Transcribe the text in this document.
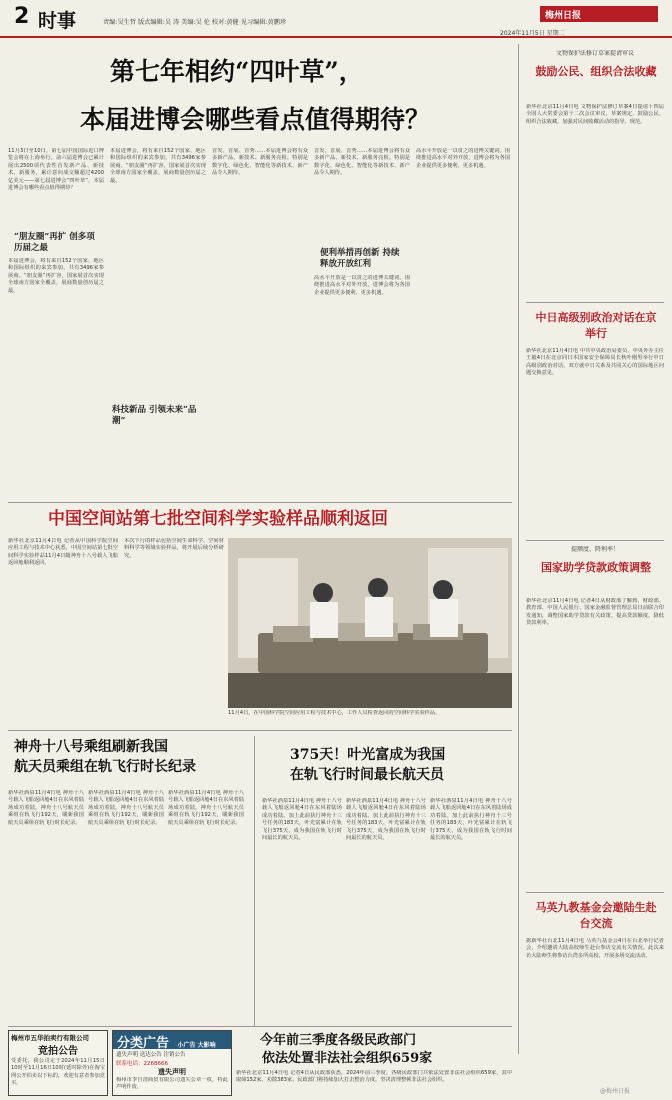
2 时事	责编:吴生哲 版式编辑:吴 涛 美编:吴 伦 校对:黄健 见习编辑:黄鹏珍
梅州日报
2024年11月5日 星期二
第七年相约“四叶草”，
本届进博会哪些看点值得期待？
11月3日至10日，第七届中国国际进口博览会将在上海举行。前六届进博会已累计展出2500项代表性首发新产品、新技术、新服务，累计意向成交额超过4200亿美元——第七届进博会“四叶草”，本届进博会有哪些看点值得期待？
“朋友圈”再扩 创多项历届之最
本届进博会，将有来自152个国家、地区和国际组织的来宾参加，共有3496家参展商。“朋友圈”再扩容，国家展首次实现全球南方国家全覆盖，展商数量创历届之最。
本届进博会，将有来自152个国家、地区和国际组织的来宾参加，共有3496家参展商。“朋友圈”再扩容，国家展首次实现全球南方国家全覆盖，展商数量创历届之最。
科技新品 引领未来“品潮”
首发、首展、首秀……本届进博会将有众多新产品、新技术、新服务亮相。特别是数字化、绿色化、智能化等新技术、新产品令人期待。
首发、首展、首秀……本届进博会将有众多新产品、新技术、新服务亮相。特别是数字化、绿色化、智能化等新技术、新产品令人期待。
便利举措再创新 持续释放开放红利
高水平开放是一以贯之的进博关键词。围绕推进高水平对外开放，进博会将为各国企业提供更多便利、更多机遇。
高水平开放是一以贯之的进博关键词。围绕推进高水平对外开放，进博会将为各国企业提供更多便利、更多机遇。
文物保护法修订草案提请审议
鼓励公民、组织合法收藏
新华社北京11月4日电 文物保护法修订草案4日提请十四届全国人大常委会第十二次会议审议。草案规定，鼓励公民、组织合法收藏，加强对民间收藏活动的指导、规范。
中日高级别政治对话在京举行
新华社北京11月4日电 中共中央政治局委员、中央外办主任王毅4日在北京同日本国家安全保障局长秋叶刚男举行中日高级别政治对话。双方就中日关系及共同关心的国际地区问题交换意见。
提额度、降利率！
国家助学贷款政策调整
新华社北京11月4日电 记者4日从财政部了解到，财政部、教育部、中国人民银行、国家金融监督管理总局日前联合印发通知，调整国家助学贷款有关政策。提高贷款额度，降低贷款利率。
马英九教基金会邀陆生赴台交流
据新华社台北11月4日电 马英九基金会4日在台北举行记者会，介绍邀请大陆高校师生赴台参访交流有关情况。此次来访大陆师生将参访台湾多所高校，开展多场交流活动。
中国空间站第七批空间科学实验样品顺利返回
新华社北京11月4日电 记者从中国科学院空间应用工程与技术中心获悉，中国空间站第七批空间科学实验样品11月4日随神舟十八号载人飞船返回舱顺利返回。
本次下行的样品包括空间生命科学、空间材料科学等领域实验样品，将开展后续分析研究。
11月4日，在中国科学院空间应用工程与技术中心，工作人员检查返回的空间科学实验样品。
神舟十八号乘组刷新我国
航天员乘组在轨飞行时长纪录
新华社酒泉11月4日电 神舟十八号载人飞船返回舱4日在东风着陆场成功着陆，神舟十八号航天员乘组在轨飞行192天，刷新我国航天员乘组在轨飞行时长纪录。
新华社酒泉11月4日电 神舟十八号载人飞船返回舱4日在东风着陆场成功着陆，神舟十八号航天员乘组在轨飞行192天，刷新我国航天员乘组在轨飞行时长纪录。
新华社酒泉11月4日电 神舟十八号载人飞船返回舱4日在东风着陆场成功着陆，神舟十八号航天员乘组在轨飞行192天，刷新我国航天员乘组在轨飞行时长纪录。
375天！叶光富成为我国
在轨飞行时间最长航天员
新华社酒泉11月4日电 神舟十八号载人飞船返回舱4日在东风着陆场成功着陆。加上此前执行神舟十三号任务的183天，叶光富累计在轨飞行375天，成为我国在轨飞行时间最长的航天员。
新华社酒泉11月4日电 神舟十八号载人飞船返回舱4日在东风着陆场成功着陆。加上此前执行神舟十三号任务的183天，叶光富累计在轨飞行375天，成为我国在轨飞行时间最长的航天员。
新华社酒泉11月4日电 神舟十八号载人飞船返回舱4日在东风着陆场成功着陆。加上此前执行神舟十三号任务的183天，叶光富累计在轨飞行375天，成为我国在轨飞行时间最长的航天员。
梅州市五华拍卖行有限公司
竞拍公告
受委托，我公司定于2024年11月15日10时至11月16日10时(延时除外)在淘宝网公开拍卖以下标的，欢迎有意者参加竞买。
分类广告 小广告 大影响
遗失声明 送达公告 注销公告
联系电话：2268666
遗失声明
梅州市李自清商贸有限公司遗失公章一枚，特此声明作废。
今年前三季度各级民政部门
依法处置非法社会组织659家
新华社北京11月4日电 记者4日从民政部获悉，2024年前三季度，各级民政部门共依法处置非法社会组织659家，其中取缔152家、劝散383家。民政部门将持续加大打击整治力度，坚决清理整顿非法社会组织。
@梅州日报
